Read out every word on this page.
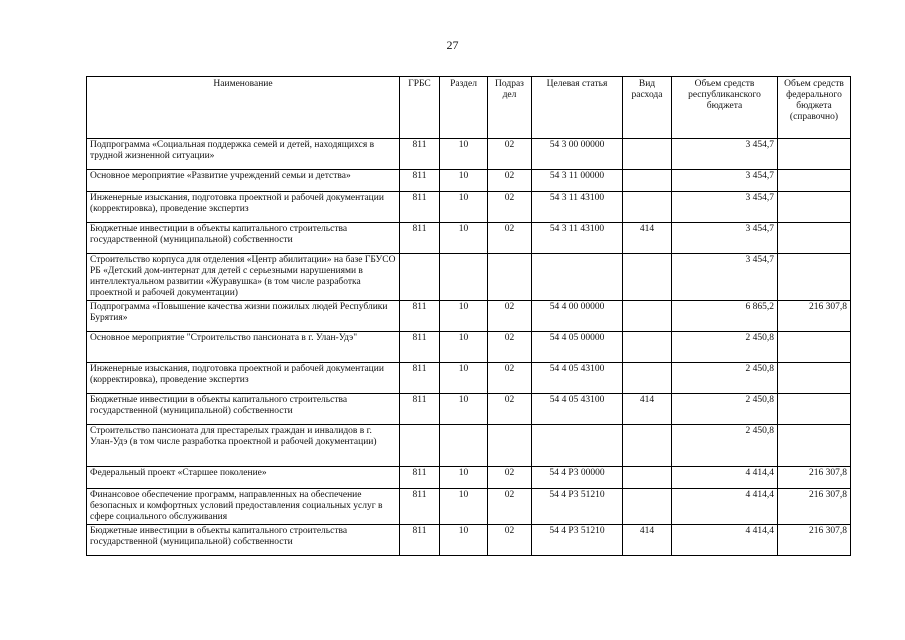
27
Наименование	ГРБС	Раздел	Подраз дел	Целевая статья	Вид расхода	Объем средств республиканского бюджета	Объем средств федерального бюджета (справочно)
Подпрограмма «Социальная поддержка семей и детей, находящихся в трудной жизненной ситуации»	811	10	02	54 3 00 00000		3 454,7	
Основное мероприятие «Развитие учреждений семьи и детства»	811	10	02	54 3 11 00000		3 454,7	
Инженерные изыскания, подготовка проектной и рабочей документации (корректировка), проведение экспертиз	811	10	02	54 3 11 43100		3 454,7	
Бюджетные инвестиции в объекты капитального строительства государственной (муниципальной) собственности	811	10	02	54 3 11 43100	414	3 454,7	
Строительство корпуса для отделения «Центр абилитации» на базе ГБУСО РБ «Детский дом-интернат для детей с серьезными нарушениями в интеллектуальном развитии «Журавушка» (в том числе разработка проектной и рабочей документации)						3 454,7	
Подпрограмма «Повышение качества жизни пожилых людей Республики Бурятия»	811	10	02	54 4 00 00000		6 865,2	216 307,8
Основное мероприятие "Строительство пансионата в г. Улан-Удэ"	811	10	02	54 4 05 00000		2 450,8	
Инженерные изыскания, подготовка проектной и рабочей документации (корректировка), проведение экспертиз	811	10	02	54 4 05 43100		2 450,8	
Бюджетные инвестиции в объекты капитального строительства государственной (муниципальной) собственности	811	10	02	54 4 05 43100	414	2 450,8	
Строительство пансионата для престарелых граждан и инвалидов в г. Улан-Удэ (в том числе разработка проектной и рабочей документации)						2 450,8	
Федеральный проект «Старшее поколение»	811	10	02	54 4 P3 00000		4 414,4	216 307,8
Финансовое обеспечение программ, направленных на обеспечение безопасных и комфортных условий предоставления социальных услуг в сфере социального обслуживания	811	10	02	54 4 P3 51210		4 414,4	216 307,8
Бюджетные инвестиции в объекты капитального строительства государственной (муниципальной) собственности	811	10	02	54 4 P3 51210	414	4 414,4	216 307,8
